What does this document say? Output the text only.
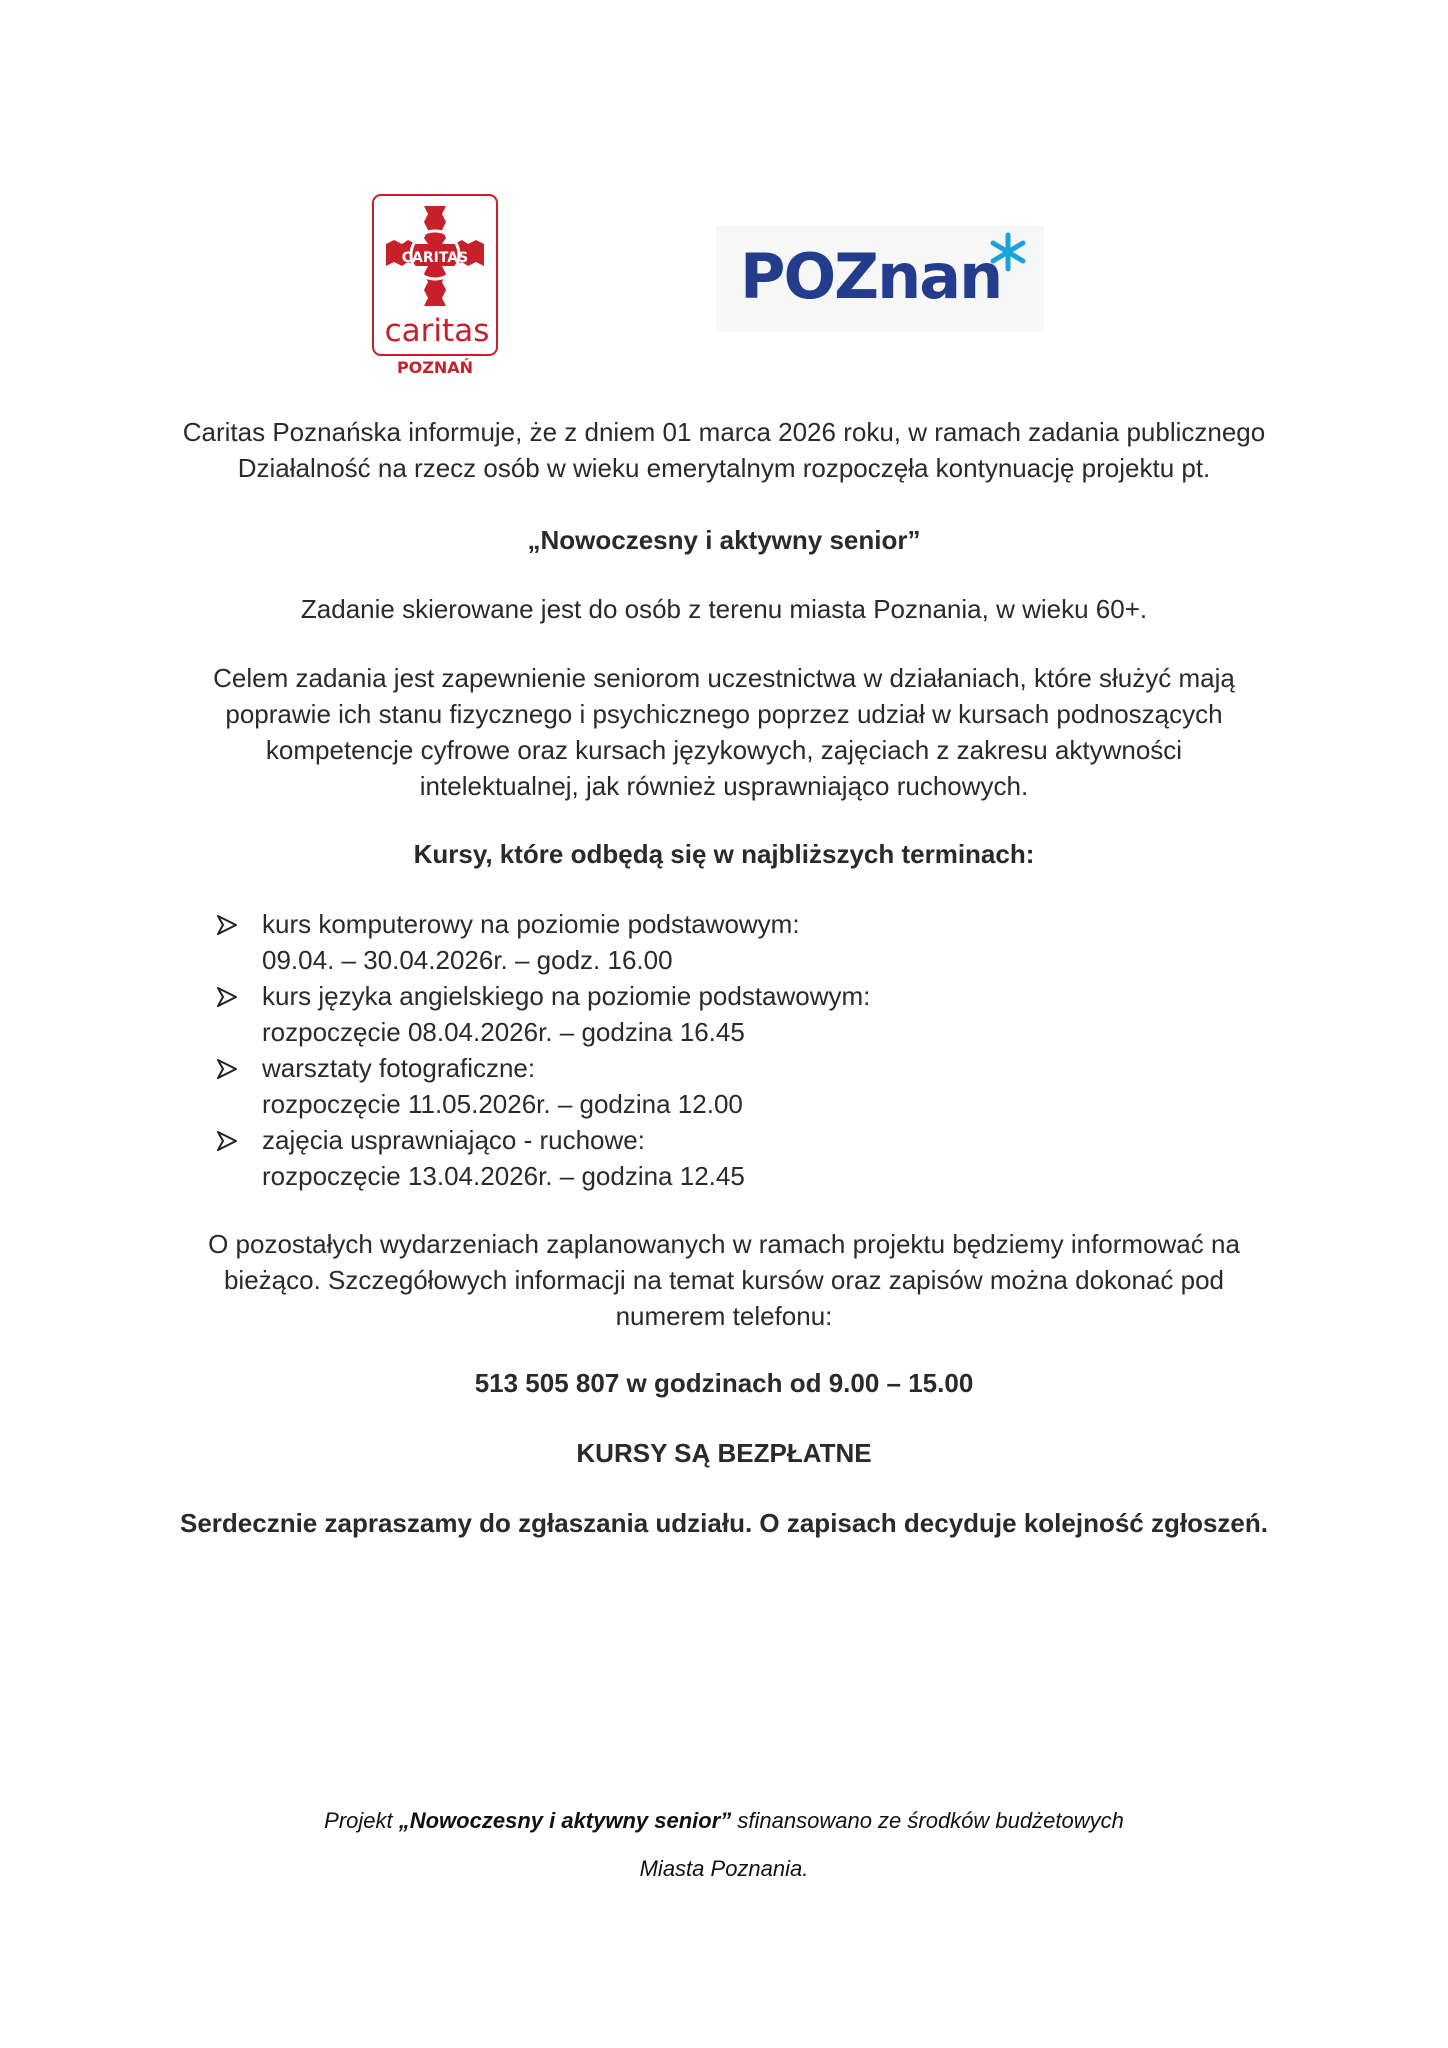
CARITAS
caritas
POZNAŃ
POZnan
Caritas Poznańska informuje, że z dniem 01 marca 2026 roku, w ramach zadania publicznego
Działalność na rzecz osób w wieku emerytalnym rozpoczęła kontynuację projektu pt.
„Nowoczesny i aktywny senior”
Zadanie skierowane jest do osób z terenu miasta Poznania, w wieku 60+.
Celem zadania jest zapewnienie seniorom uczestnictwa w działaniach, które służyć mają
poprawie ich stanu fizycznego i psychicznego poprzez udział w kursach podnoszących
kompetencje cyfrowe oraz kursach językowych, zajęciach z zakresu aktywności
intelektualnej, jak również usprawniająco ruchowych.
Kursy, które odbędą się w najbliższych terminach:
kurs komputerowy na poziomie podstawowym:
09.04. – 30.04.2026r. – godz. 16.00
kurs języka angielskiego na poziomie podstawowym:
rozpoczęcie 08.04.2026r. – godzina 16.45
warsztaty fotograficzne:
rozpoczęcie 11.05.2026r. – godzina 12.00
zajęcia usprawniająco - ruchowe:
rozpoczęcie 13.04.2026r. – godzina 12.45
O pozostałych wydarzeniach zaplanowanych w ramach projektu będziemy informować na
bieżąco. Szczegółowych informacji na temat kursów oraz zapisów można dokonać pod
numerem telefonu:
513 505 807 w godzinach od 9.00 – 15.00
KURSY SĄ BEZPŁATNE
Serdecznie zapraszamy do zgłaszania udziału. O zapisach decyduje kolejność zgłoszeń.
Projekt „Nowoczesny i aktywny senior” sfinansowano ze środków budżetowych
Miasta Poznania.
